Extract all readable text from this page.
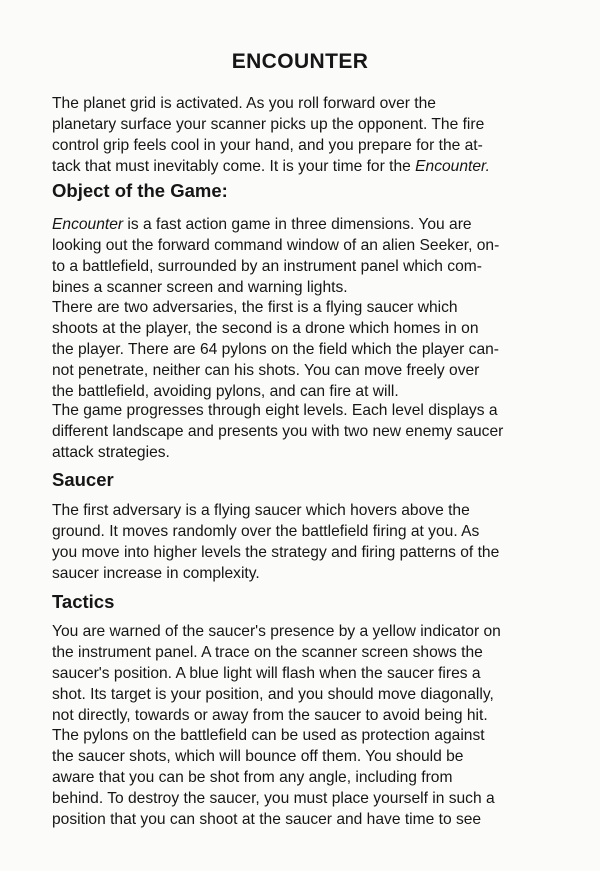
ENCOUNTER
The planet grid is activated. As you roll forward over the
planetary surface your scanner picks up the opponent. The fire
control grip feels cool in your hand, and you prepare for the at-
tack that must inevitably come. It is your time for the Encounter.
Object of the Game:
Encounter is a fast action game in three dimensions. You are
looking out the forward command window of an alien Seeker, on-
to a battlefield, surrounded by an instrument panel which com-
bines a scanner screen and warning lights.
There are two adversaries, the first is a flying saucer which
shoots at the player, the second is a drone which homes in on
the player. There are 64 pylons on the field which the player can-
not penetrate, neither can his shots. You can move freely over
the battlefield, avoiding pylons, and can fire at will.
The game progresses through eight levels. Each level displays a
different landscape and presents you with two new enemy saucer
attack strategies.
Saucer
The first adversary is a flying saucer which hovers above the
ground. It moves randomly over the battlefield firing at you. As
you move into higher levels the strategy and firing patterns of the
saucer increase in complexity.
Tactics
You are warned of the saucer's presence by a yellow indicator on
the instrument panel. A trace on the scanner screen shows the
saucer's position. A blue light will flash when the saucer fires a
shot. Its target is your position, and you should move diagonally,
not directly, towards or away from the saucer to avoid being hit.
The pylons on the battlefield can be used as protection against
the saucer shots, which will bounce off them. You should be
aware that you can be shot from any angle, including from
behind. To destroy the saucer, you must place yourself in such a
position that you can shoot at the saucer and have time to see
